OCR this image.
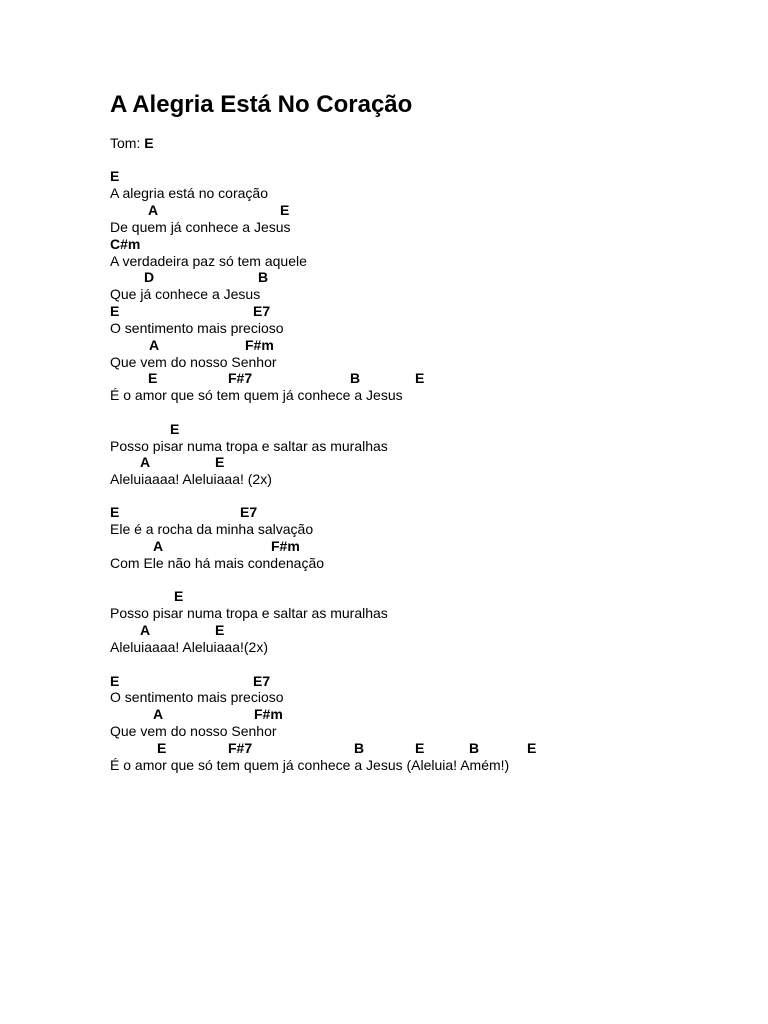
A Alegria Está No Coração
Tom: E
E
A alegria está no coração
A	E
De quem já conhece a Jesus
C#m
A verdadeira paz só tem aquele
D	B
Que já conhece a Jesus
E	E7
O sentimento mais precioso
A	F#m
Que vem do nosso Senhor
E	F#7	B	E
É o amor que só tem quem já conhece a Jesus
E
Posso pisar numa tropa e saltar as muralhas
A	E
Aleluiaaaa! Aleluiaaa! (2x)
E	E7
Ele é a rocha da minha salvação
A	F#m
Com Ele não há mais condenação
E
Posso pisar numa tropa e saltar as muralhas
A	E
Aleluiaaaa! Aleluiaaa!(2x)
E	E7
O sentimento mais precioso
A	F#m
Que vem do nosso Senhor
E	F#7	B	E	B	E
É o amor que só tem quem já conhece a Jesus (Aleluia! Amém!)
